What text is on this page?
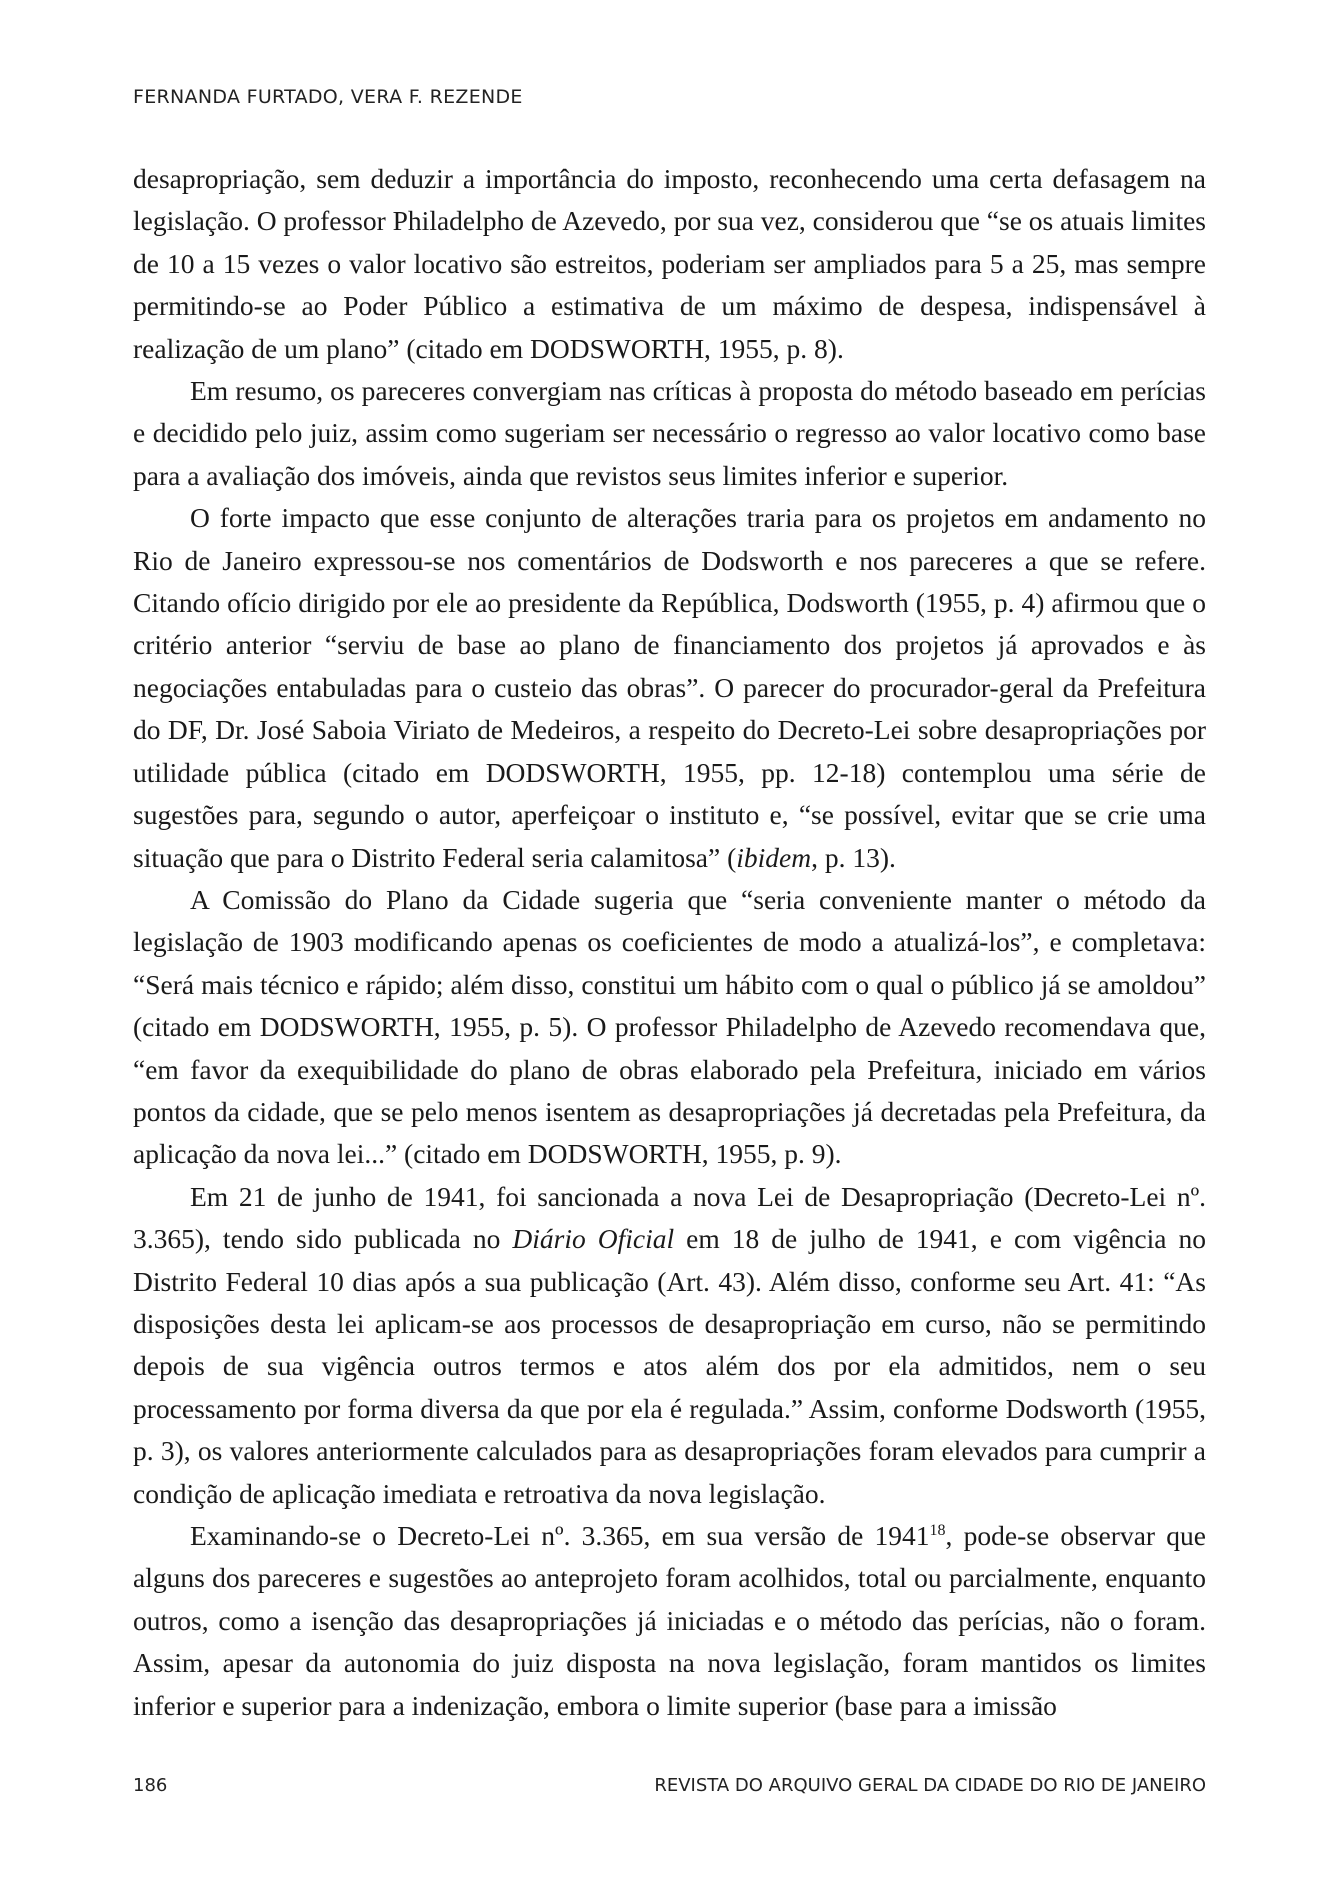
FERNANDA FURTADO, VERA F. REZENDE

desapropriação, sem deduzir a importância do imposto, reconhecendo uma certa defasagem na legislação. O professor Philadelpho de Azevedo, por sua vez, considerou que “se os atuais limites de 10 a 15 vezes o valor locativo são estreitos, poderiam ser ampliados para 5 a 25, mas sempre permitindo-se ao Poder Público a estimativa de um máximo de despesa, indispensável à realização de um plano” (citado em DODSWORTH, 1955, p. 8).

Em resumo, os pareceres convergiam nas críticas à proposta do método baseado em perícias e decidido pelo juiz, assim como sugeriam ser necessário o regresso ao valor locativo como base para a avaliação dos imóveis, ainda que revistos seus limites inferior e superior.

O forte impacto que esse conjunto de alterações traria para os projetos em andamento no Rio de Janeiro expressou-se nos comentários de Dodsworth e nos pareceres a que se refere. Citando ofício dirigido por ele ao presidente da República, Dodsworth (1955, p. 4) afirmou que o critério anterior “serviu de base ao plano de financiamento dos projetos já aprovados e às negociações entabuladas para o custeio das obras”. O parecer do procurador-geral da Prefeitura do DF, Dr. José Saboia Viriato de Medeiros, a respeito do Decreto-Lei sobre desapropriações por utilidade pública (citado em DODSWORTH, 1955, pp. 12-18) contemplou uma série de sugestões para, segundo o autor, aperfeiçoar o instituto e, “se possível, evitar que se crie uma situação que para o Distrito Federal seria calamitosa” (ibidem, p. 13).

A Comissão do Plano da Cidade sugeria que “seria conveniente manter o método da legislação de 1903 modificando apenas os coeficientes de modo a atualizá-los”, e completava: “Será mais técnico e rápido; além disso, constitui um hábito com o qual o público já se amoldou” (citado em DODSWORTH, 1955, p. 5). O professor Philadelpho de Azevedo recomendava que, “em favor da exequibilidade do plano de obras elaborado pela Prefeitura, iniciado em vários pontos da cidade, que se pelo menos isentem as desapropriações já decretadas pela Prefeitura, da aplicação da nova lei...” (citado em DODSWORTH, 1955, p. 9).

Em 21 de junho de 1941, foi sancionada a nova Lei de Desapropriação (Decreto-Lei nº. 3.365), tendo sido publicada no Diário Oficial em 18 de julho de 1941, e com vigência no Distrito Federal 10 dias após a sua publicação (Art. 43). Além disso, conforme seu Art. 41: “As disposições desta lei aplicam-se aos processos de desapropriação em curso, não se permitindo depois de sua vigência outros termos e atos além dos por ela admitidos, nem o seu processamento por forma diversa da que por ela é regulada.” Assim, conforme Dodsworth (1955, p. 3), os valores anteriormente calculados para as desapropriações foram elevados para cumprir a condição de aplicação imediata e retroativa da nova legislação.

Examinando-se o Decreto-Lei nº. 3.365, em sua versão de 1941$^{18}$, pode-se observar que alguns dos pareceres e sugestões ao anteprojeto foram acolhidos, total ou parcialmente, enquanto outros, como a isenção das desapropriações já iniciadas e o método das perícias, não o foram. Assim, apesar da autonomia do juiz disposta na nova legislação, foram mantidos os limites inferior e superior para a indenização, embora o limite superior (base para a imissão

186	REVISTA DO ARQUIVO GERAL DA CIDADE DO RIO DE JANEIRO
